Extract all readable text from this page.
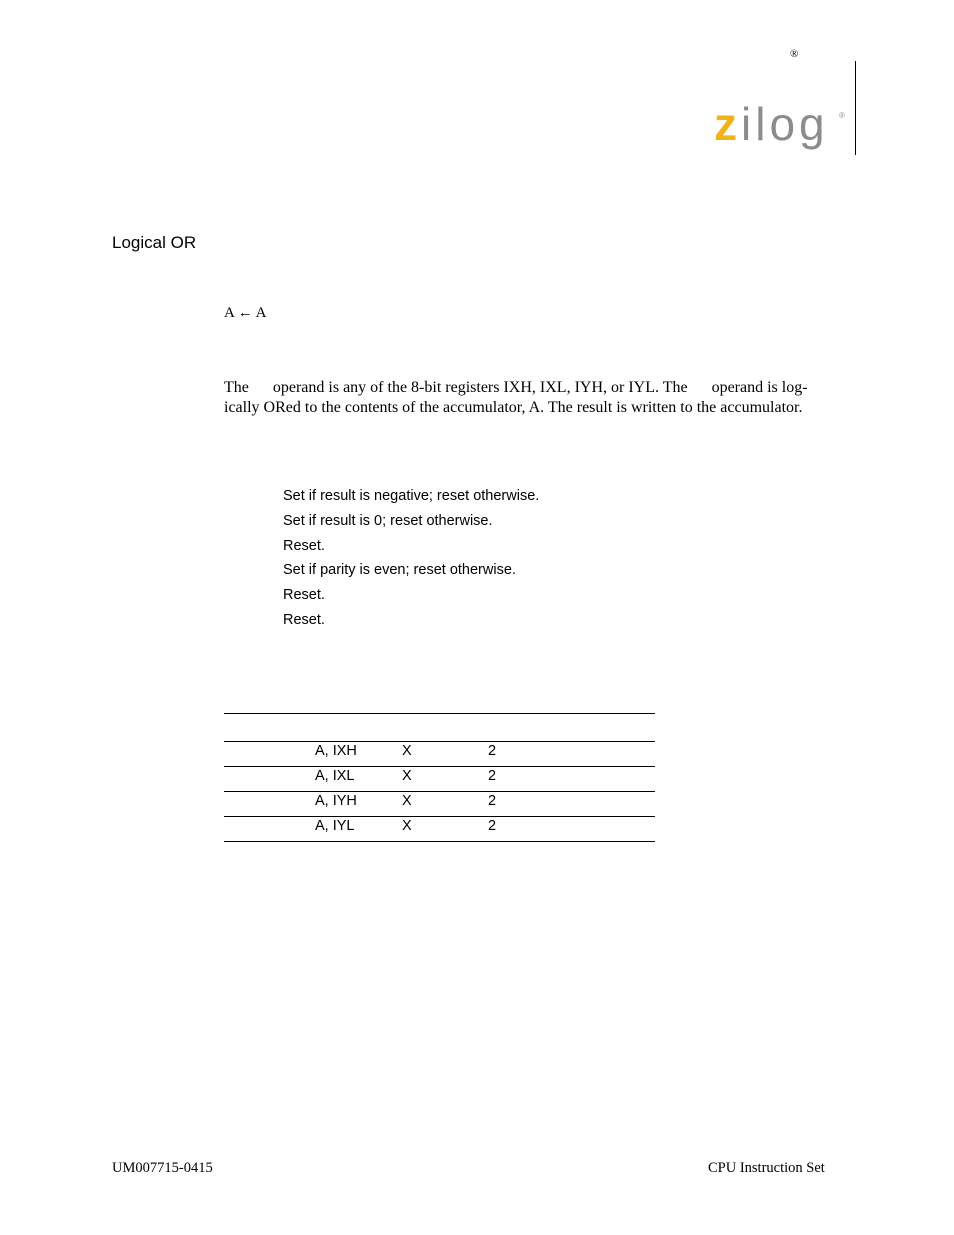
®
zilog ®
Logical OR
A ← A
The      operand is any of the 8-bit registers IXH, IXL, IYH, or IYL. The      operand is log-
ically ORed to the contents of the accumulator, A. The result is written to the accumulator.
Set if result is negative; reset otherwise.
Set if result is 0; reset otherwise.
Reset.
Set if parity is even; reset otherwise.
Reset.
Reset.
A, IXH	X	2
A, IXL	X	2
A, IYH	X	2
A, IYL	X	2
UM007715-0415	CPU Instruction Set
